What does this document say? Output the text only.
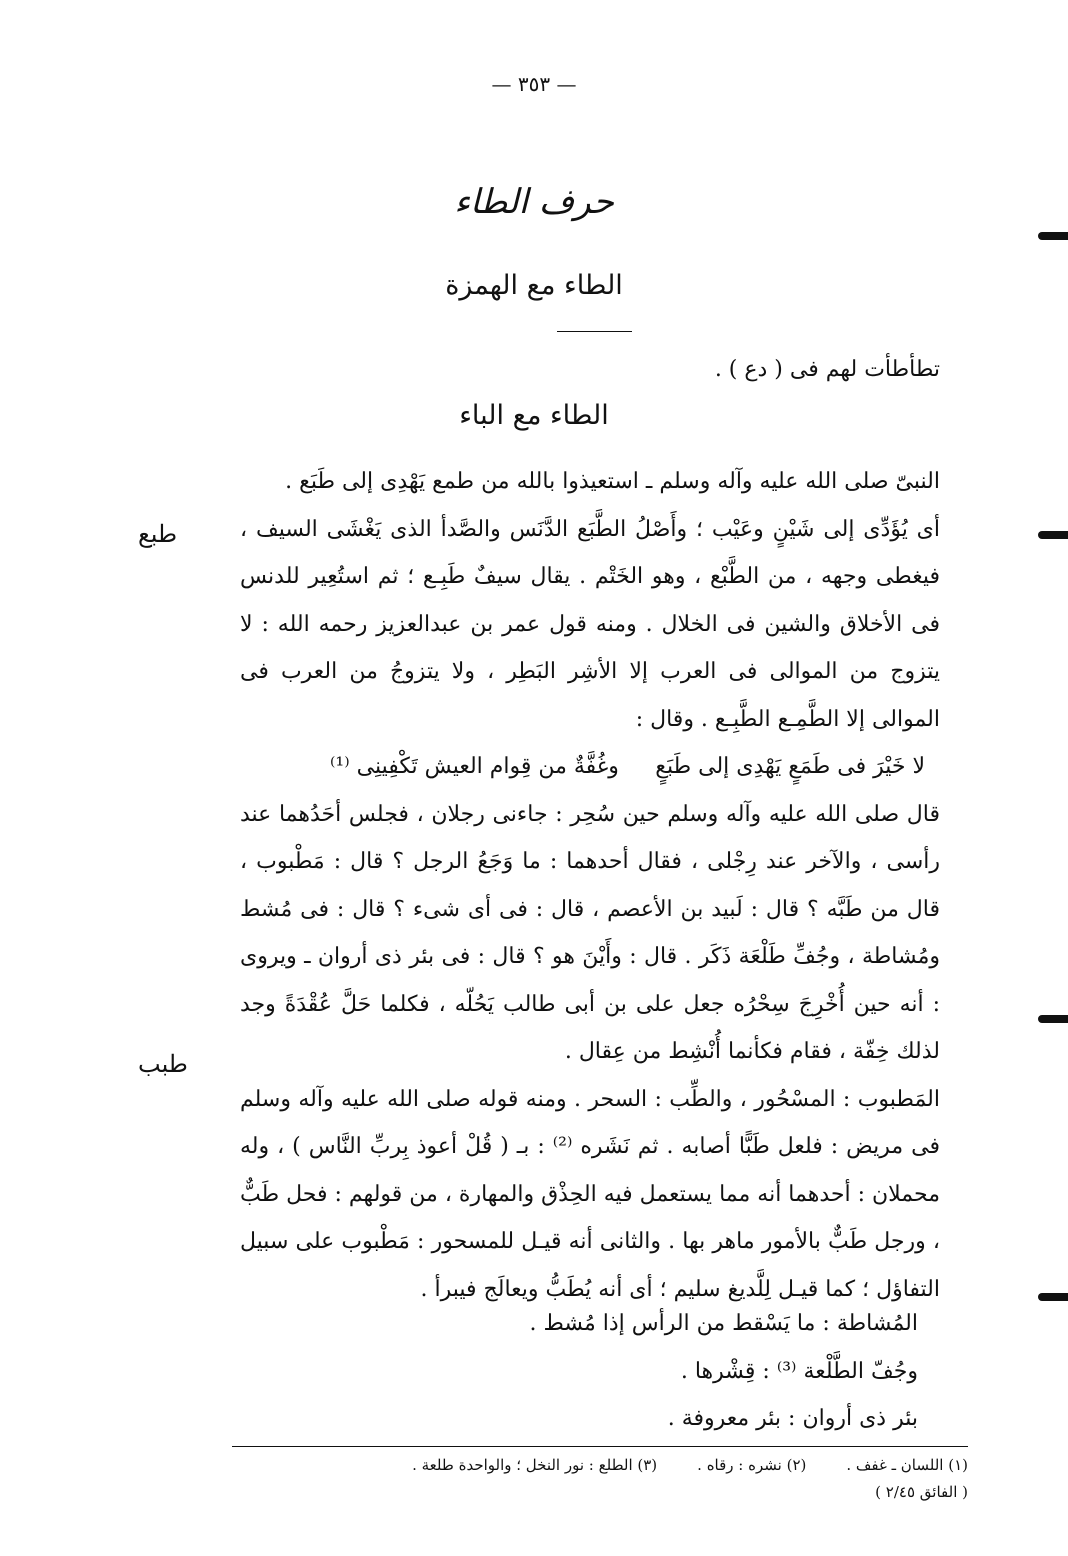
— ٣٥٣ —
حرف الطاء
الطاء مع الهمزة

تطأطأت لهم فى ( دع ) .

الطاء مع الباء

النبىّ صلى الله عليه وآله وسلم ـ استعيذوا بالله من طمع يَهْدِى إلى طَبَع .

أى يُؤَدِّى إلى شَيْنٍ وعَيْب ؛ وأَصْلُ الطَّبَع الدَّنَس والصَّدأ الذى يَغْشَى السيف ، فيغطى وجهه ، من الطَّبْع ، وهو الخَتْم . يقال سيفٌ طَبِـع ؛ ثم استُعِير للدنس فى الأخلاق والشين فى الخلال . ومنه قول عمر بن عبدالعزيز رحمه الله : لا يتزوج من الموالى فى العرب إلا الأشِر البَطِر ، ولا يتزوجُ من العرب فى الموالى إلا الطَّمِـع الطَّبِـع . وقال :

لا خَيْرَ فى طَمَعٍ يَهْدِى إلى طَبَعٍ
وغُفَّةٌ من قِوام العيش تَكْفِينِى ⁽¹⁾

قال صلى الله عليه وآله وسلم حين سُحِر : جاءنى رجلان ، فجلس أحَدُهما عند رأسى ، والآخر عند رِجْلى ، فقال أحدهما : ما وَجَعُ الرجل ؟ قال : مَطْبوب ، قال من طَبَّه ؟ قال : لَبيد بن الأعصم ، قال : فى أى شىء ؟ قال : فى مُشط ومُشاطة ، وجُفِّ طَلْعَة ذَكَر . قال : وأَيْنَ هو ؟ قال : فى بئر ذى أروان ـ ويروى : أنه حين أُخْرِجَ سِحْرُه جعل على بن أبى طالب يَحُلّه ، فكلما حَلَّ عُقْدَةً وجد لذلك خِفّة ، فقام فكأنما أُنْشِط من عِقال .

المَطبوب : المسْحُور ، والطِّب : السحر . ومنه قوله صلى الله عليه وآله وسلم فى مريض : فلعل طَبًّا أصابه . ثم نَشَره ⁽²⁾ : بـ ( قُلْ أعوذ بِربِّ النَّاس ) ، وله محملان : أحدهما أنه مما يستعمل فيه الحِذْق والمهارة ، من قولهم : فحل طَبٌّ ، ورجل طَبٌّ بالأمور ماهر بها . والثانى أنه قيـل للمسحور : مَطْبوب على سبيل التفاؤل ؛ كما قيـل لِلَّديغ سليم ؛ أى أنه يُطَبُّ ويعالَج فيبرأ .

المُشاطة : ما يَسْقط من الرأس إذا مُشط .

وجُفّ الطَّلْعة ⁽³⁾ : قِشْرها .

بئر ذى أروان : بئر معروفة .

طبع
طبب
(١) اللسان ـ غفف .
(٢) نشره : رقاه .
(٣) الطلع : نور النخل ؛ والواحدة طلعة .

( الفائق ٢/٤٥ )
